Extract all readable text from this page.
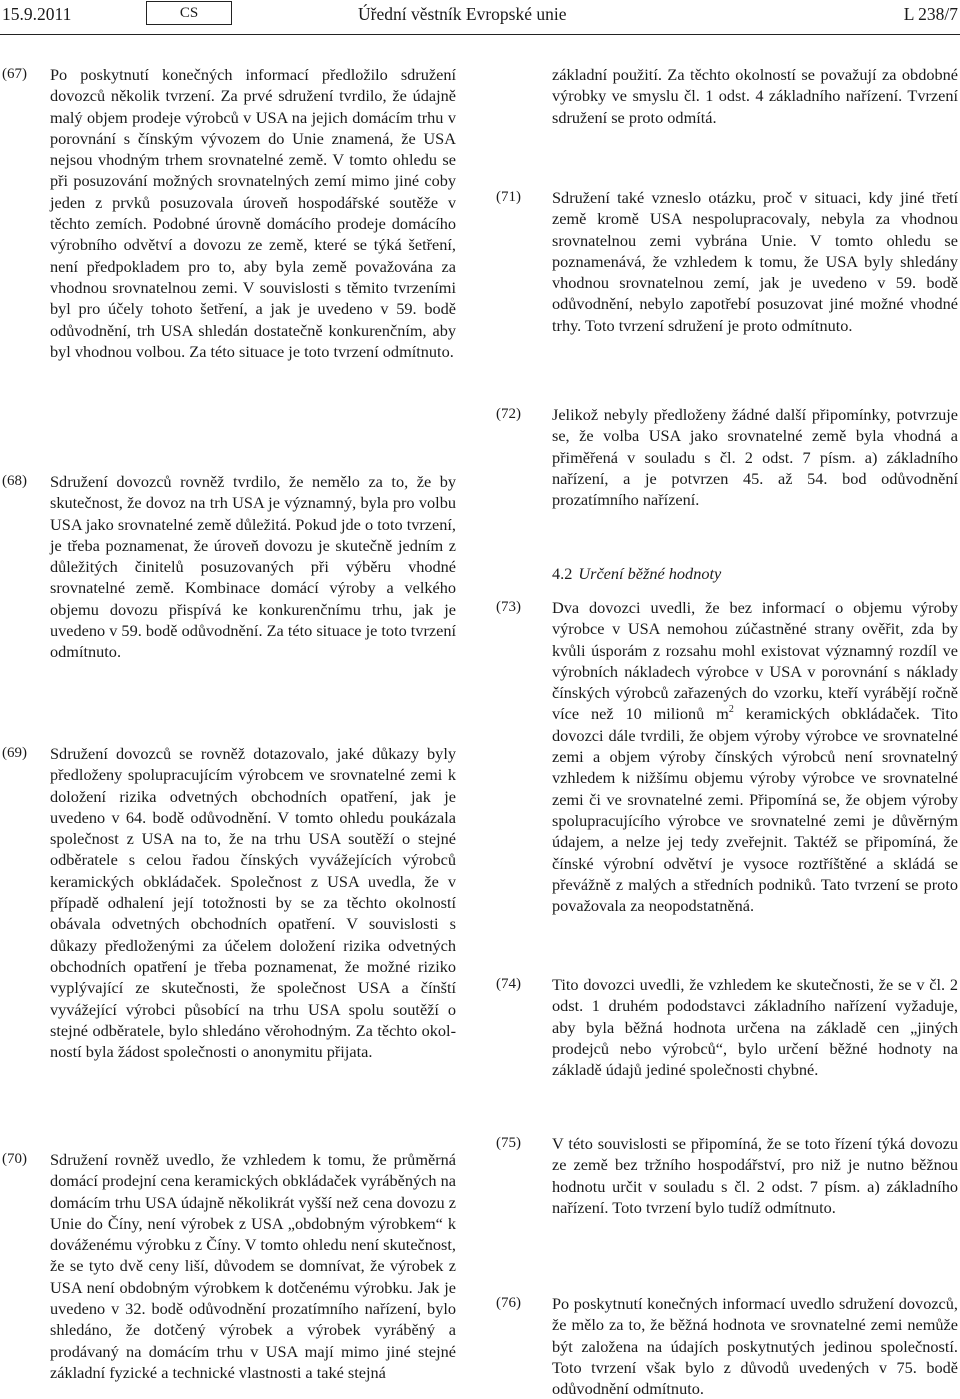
15.9.2011	CS	Úřední věstník Evropské unie	L 238/7
(67) Po poskytnutí konečných informací předložilo sdružení dovozců několik tvrzení. Za prvé sdružení tvrdilo, že údajně malý objem prodeje výrobců v USA na jejich domácím trhu v porovnání s čínským vývozem do Unie znamená, že USA nejsou vhodným trhem srovnatelné země. V tomto ohledu se při posuzování možných srovnatelných zemí mimo jiné coby jeden z prvků posuzovala úroveň hospodářské soutěže v těchto zemích. Podobné úrovně domácího prodeje domácího výrobního odvětví a dovozu ze země, které se týká šetření, není předpokladem pro to, aby byla země považována za vhodnou srovnatelnou zemi. V souvislosti s těmito tvrzeními byl pro účely tohoto šetření, a jak je uvedeno v 59. bodě odůvodnění, trh USA shledán dostatečně konkurenčním, aby byl vhodnou volbou. Za této situace je toto tvrzení odmítnuto.

(68) Sdružení dovozců rovněž tvrdilo, že nemělo za to, že by skutečnost, že dovoz na trh USA je významný, byla pro volbu USA jako srovnatelné země důležitá. Pokud jde o toto tvrzení, je třeba poznamenat, že úroveň dovozu je skutečně jedním z důležitých činitelů posuzovaných při výběru vhodné srovnatelné země. Kombinace domácí výroby a velkého objemu dovozu přispívá ke konkurenčnímu trhu, jak je uvedeno v 59. bodě odůvodnění. Za této situace je toto tvrzení odmítnuto.

(69) Sdružení dovozců se rovněž dotazovalo, jaké důkazy byly předloženy spolupracujícím výrobcem ve srovnatelné zemi k doložení rizika odvetných obchodních opatření, jak je uvedeno v 64. bodě odůvodnění. V tomto ohledu poukázala společnost z USA na to, že na trhu USA soutěží o stejné odběratele s celou řadou čínských vyvážejících výrobců keramických obkládaček. Společnost z USA uvedla, že v případě odhalení její totožnosti by se za těchto okolností obávala odvetných obchodních opatření. V souvislosti s důkazy předloženými za účelem doložení rizika odvetných obchodních opatření je třeba poznamenat, že možné riziko vyplývající ze skutečnosti, že společnost USA a čínští vyvážející výrobci působící na trhu USA spolu soutěží o stejné odběratele, bylo shledáno věrohodným. Za těchto okolností byla žádost společnosti o anonymitu přijata.

(70) Sdružení rovněž uvedlo, že vzhledem k tomu, že průměrná domácí prodejní cena keramických obkládaček vyráběných na domácím trhu USA údajně několikrát vyšší než cena dovozu z Unie do Číny, není výrobek z USA „obdobným výrobkem“ k dováženému výrobku z Číny. V tomto ohledu není skutečnost, že se tyto dvě ceny liší, důvodem se domnívat, že výrobek z USA není obdobným výrobkem k dotčenému výrobku. Jak je uvedeno v 32. bodě odůvodnění prozatímního nařízení, bylo shledáno, že dotčený výrobek a výrobek vyráběný a prodávaný na domácím trhu v USA mají mimo jiné stejné základní fyzické a technické vlastnosti a také stejná

základní použití. Za těchto okolností se považují za obdobné výrobky ve smyslu čl. 1 odst. 4 základního nařízení. Tvrzení sdružení se proto odmítá.

(71) Sdružení také vzneslo otázku, proč v situaci, kdy jiné třetí země kromě USA nespolupracovaly, nebyla za vhodnou srovnatelnou zemi vybrána Unie. V tomto ohledu se poznamenává, že vzhledem k tomu, že USA byly shledány vhodnou srovnatelnou zemí, jak je uvedeno v 59. bodě odůvodnění, nebylo zapotřebí posuzovat jiné možné vhodné trhy. Toto tvrzení sdružení je proto odmítnuto.

(72) Jelikož nebyly předloženy žádné další připomínky, potvrzuje se, že volba USA jako srovnatelné země byla vhodná a přiměřená v souladu s čl. 2 odst. 7 písm. a) základního nařízení, a je potvrzen 45. až 54. bod odůvodnění prozatímního nařízení.

4.2 Určení běžné hodnoty
(73) Dva dovozci uvedli, že bez informací o objemu výroby výrobce v USA nemohou zúčastněné strany ověřit, zda by kvůli úsporám z rozsahu mohl existovat významný rozdíl ve výrobních nákladech výrobce v USA v porovnání s náklady čínských výrobců zařazených do vzorku, kteří vyrábějí ročně více než 10 milionů $m^2$ keramických obkládaček. Tito dovozci dále tvrdili, že objem výroby výrobce ve srovnatelné zemi a objem výroby čínských výrobců není srovnatelný vzhledem k nižšímu objemu výroby výrobce ve srovnatelné zemi či ve srovnatelné zemi. Připomíná se, že objem výroby spolupracujícího výrobce ve srovnatelné zemi je důvěrným údajem, a nelze jej tedy zveřejnit. Taktéž se připomíná, že čínské výrobní odvětví je vysoce roztříštěné a skládá se převážně z malých a středních podniků. Tato tvrzení se proto považovala za neopodstatněná.

(74) Tito dovozci uvedli, že vzhledem ke skutečnosti, že se v čl. 2 odst. 1 druhém pododstavci základního nařízení vyžaduje, aby byla běžná hodnota určena na základě cen „jiných prodejců nebo výrobců“, bylo určení běžné hodnoty na základě údajů jediné společnosti chybné.

(75) V této souvislosti se připomíná, že se toto řízení týká dovozu ze země bez tržního hospodářství, pro niž je nutno běžnou hodnotu určit v souladu s čl. 2 odst. 7 písm. a) základního nařízení. Toto tvrzení bylo tudíž odmítnuto.

(76) Po poskytnutí konečných informací uvedlo sdružení dovozců, že mělo za to, že běžná hodnota ve srovnatelné zemi nemůže být založena na údajích poskytnutých jedinou společností. Toto tvrzení však bylo z důvodů uvedených v 75. bodě odůvodnění odmítnuto.
